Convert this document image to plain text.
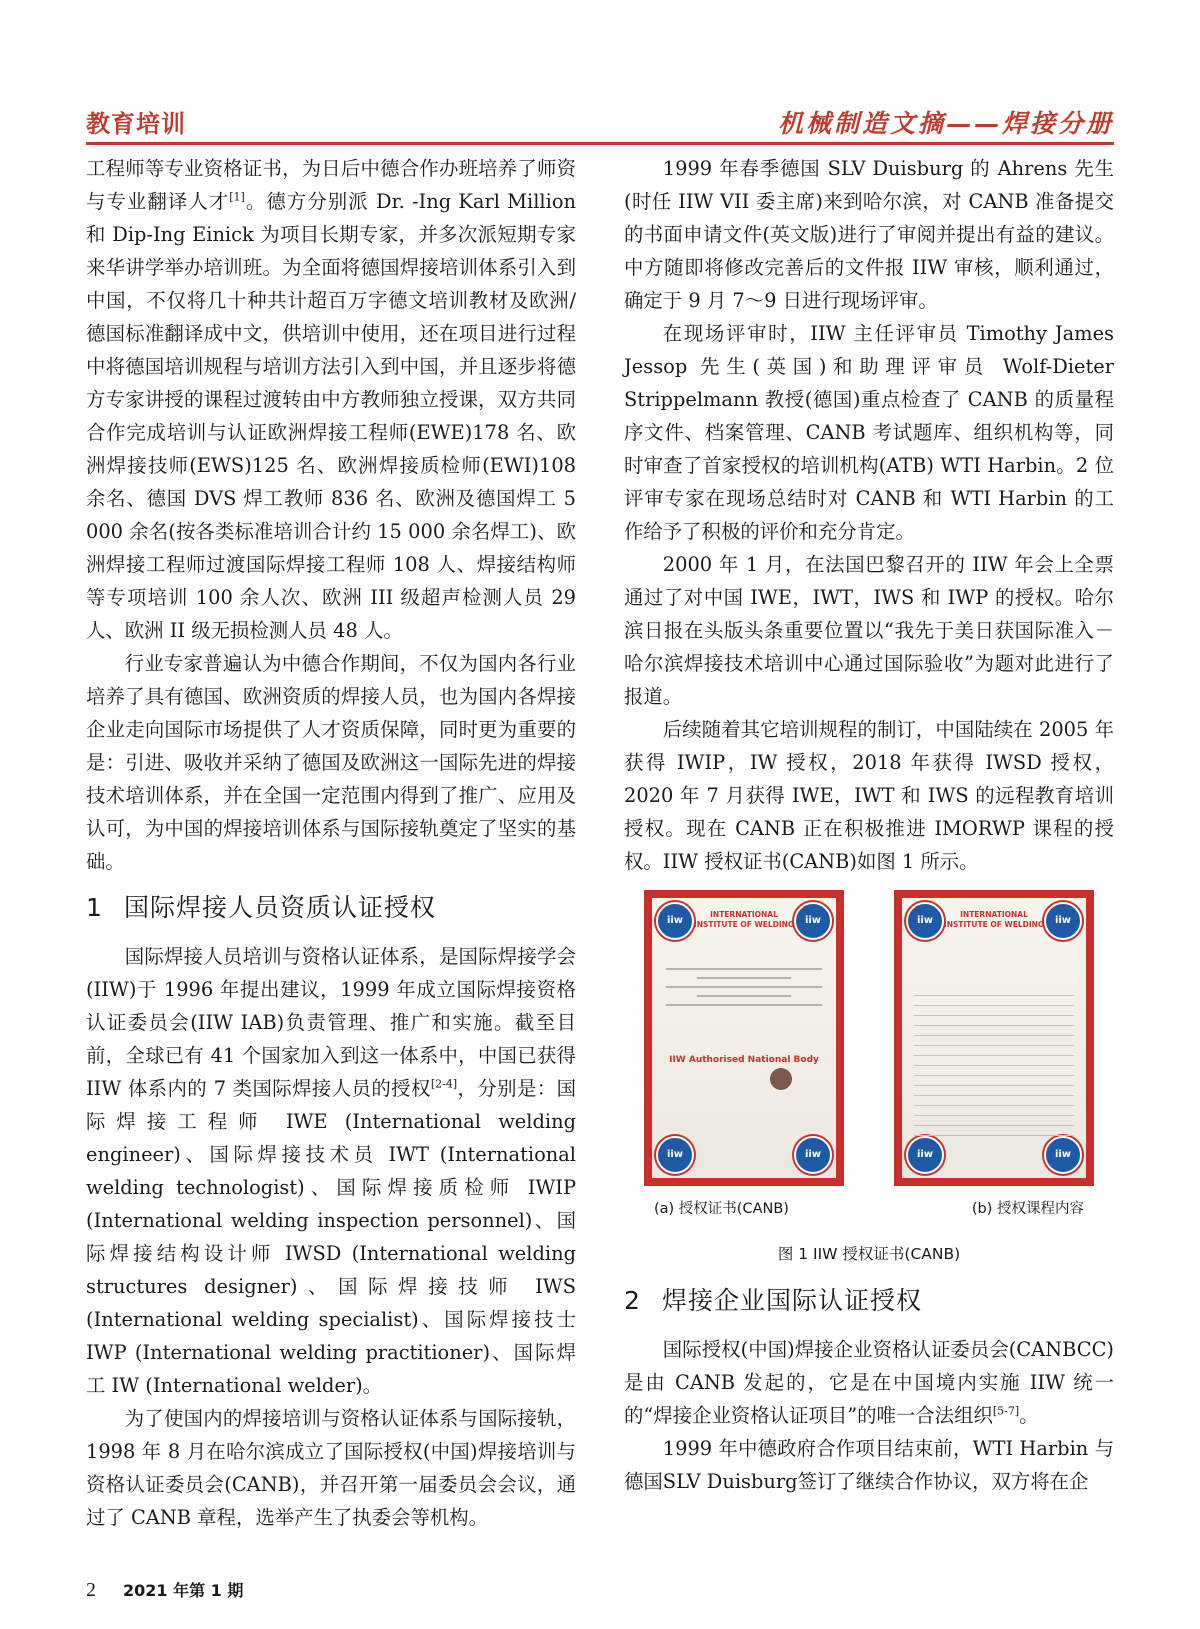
教育培训	机械制造文摘——焊接分册

工程师等专业资格证书，为日后中德合作办班培养了师资与专业翻译人才[1]。德方分别派 Dr. -Ing Karl Million 和 Dip-Ing Einick 为项目长期专家，并多次派短期专家来华讲学举办培训班。为全面将德国焊接培训体系引入到中国，不仅将几十种共计超百万字德文培训教材及欧洲/德国标准翻译成中文，供培训中使用，还在项目进行过程中将德国培训规程与培训方法引入到中国，并且逐步将德方专家讲授的课程过渡转由中方教师独立授课，双方共同合作完成培训与认证欧洲焊接工程师(EWE)178 名、欧洲焊接技师(EWS)125 名、欧洲焊接质检师(EWI)108 余名、德国 DVS 焊工教师 836 名、欧洲及德国焊工 5 000 余名(按各类标准培训合计约 15 000 余名焊工)、欧洲焊接工程师过渡国际焊接工程师 108 人、焊接结构师等专项培训 100 余人次、欧洲 III 级超声检测人员 29 人、欧洲 II 级无损检测人员 48 人。

行业专家普遍认为中德合作期间，不仅为国内各行业培养了具有德国、欧洲资质的焊接人员，也为国内各焊接企业走向国际市场提供了人才资质保障，同时更为重要的是：引进、吸收并采纳了德国及欧洲这一国际先进的焊接技术培训体系，并在全国一定范围内得到了推广、应用及认可，为中国的焊接培训体系与国际接轨奠定了坚实的基础。

1 国际焊接人员资质认证授权

国际焊接人员培训与资格认证体系，是国际焊接学会(IIW)于 1996 年提出建议，1999 年成立国际焊接资格认证委员会(IIW IAB)负责管理、推广和实施。截至目前，全球已有 41 个国家加入到这一体系中，中国已获得 IIW 体系内的 7 类国际焊接人员的授权[2-4]，分别是：国际焊接工程师 IWE (International welding engineer)、国际焊接技术员 IWT (International welding technologist)、国际焊接质检师 IWIP (International welding inspection personnel)、国际焊接结构设计师 IWSD (International welding structures designer)、国际焊接技师 IWS (International welding specialist)、国际焊接技士 IWP (International welding practitioner)、国际焊工 IW (International welder)。

为了使国内的焊接培训与资格认证体系与国际接轨，1998 年 8 月在哈尔滨成立了国际授权(中国)焊接培训与资格认证委员会(CANB)，并召开第一届委员会会议，通过了 CANB 章程，选举产生了执委会等机构。

1999 年春季德国 SLV Duisburg 的 Ahrens 先生(时任 IIW VII 委主席)来到哈尔滨，对 CANB 准备提交的书面申请文件(英文版)进行了审阅并提出有益的建议。中方随即将修改完善后的文件报 IIW 审核，顺利通过，确定于 9 月 7～9 日进行现场评审。

在现场评审时，IIW 主任评审员 Timothy James Jessop 先生(英国)和助理评审员 Wolf-Dieter Strippelmann 教授(德国)重点检查了 CANB 的质量程序文件、档案管理、CANB 考试题库、组织机构等，同时审查了首家授权的培训机构(ATB) WTI Harbin。2 位评审专家在现场总结时对 CANB 和 WTI Harbin 的工作给予了积极的评价和充分肯定。

2000 年 1 月，在法国巴黎召开的 IIW 年会上全票通过了对中国 IWE，IWT，IWS 和 IWP 的授权。哈尔滨日报在头版头条重要位置以“我先于美日获国际准入－哈尔滨焊接技术培训中心通过国际验收”为题对此进行了报道。

后续随着其它培训规程的制订，中国陆续在 2005 年获得 IWIP，IW 授权，2018 年获得 IWSD 授权，2020 年 7 月获得 IWE，IWT 和 IWS 的远程教育培训授权。现在 CANB 正在积极推进 IMORWP 课程的授权。IIW 授权证书(CANB)如图 1 所示。

iiw	iiw
iiw	iiw
INTERNATIONAL INSTITUTE OF WELDING
IIW Authorised National Body
iiw	iiw
iiw	iiw
INTERNATIONAL INSTITUTE OF WELDING
(a) 授权证书(CANB)	(b) 授权课程内容
图 1 IIW 授权证书(CANB)
2 焊接企业国际认证授权

国际授权(中国)焊接企业资格认证委员会(CANBCC)是由 CANB 发起的，它是在中国境内实施 IIW 统一的“焊接企业资格认证项目”的唯一合法组织[5-7]。

1999 年中德政府合作项目结束前，WTI Harbin 与德国SLV Duisburg签订了继续合作协议，双方将在企

2 2021 年第 1 期
